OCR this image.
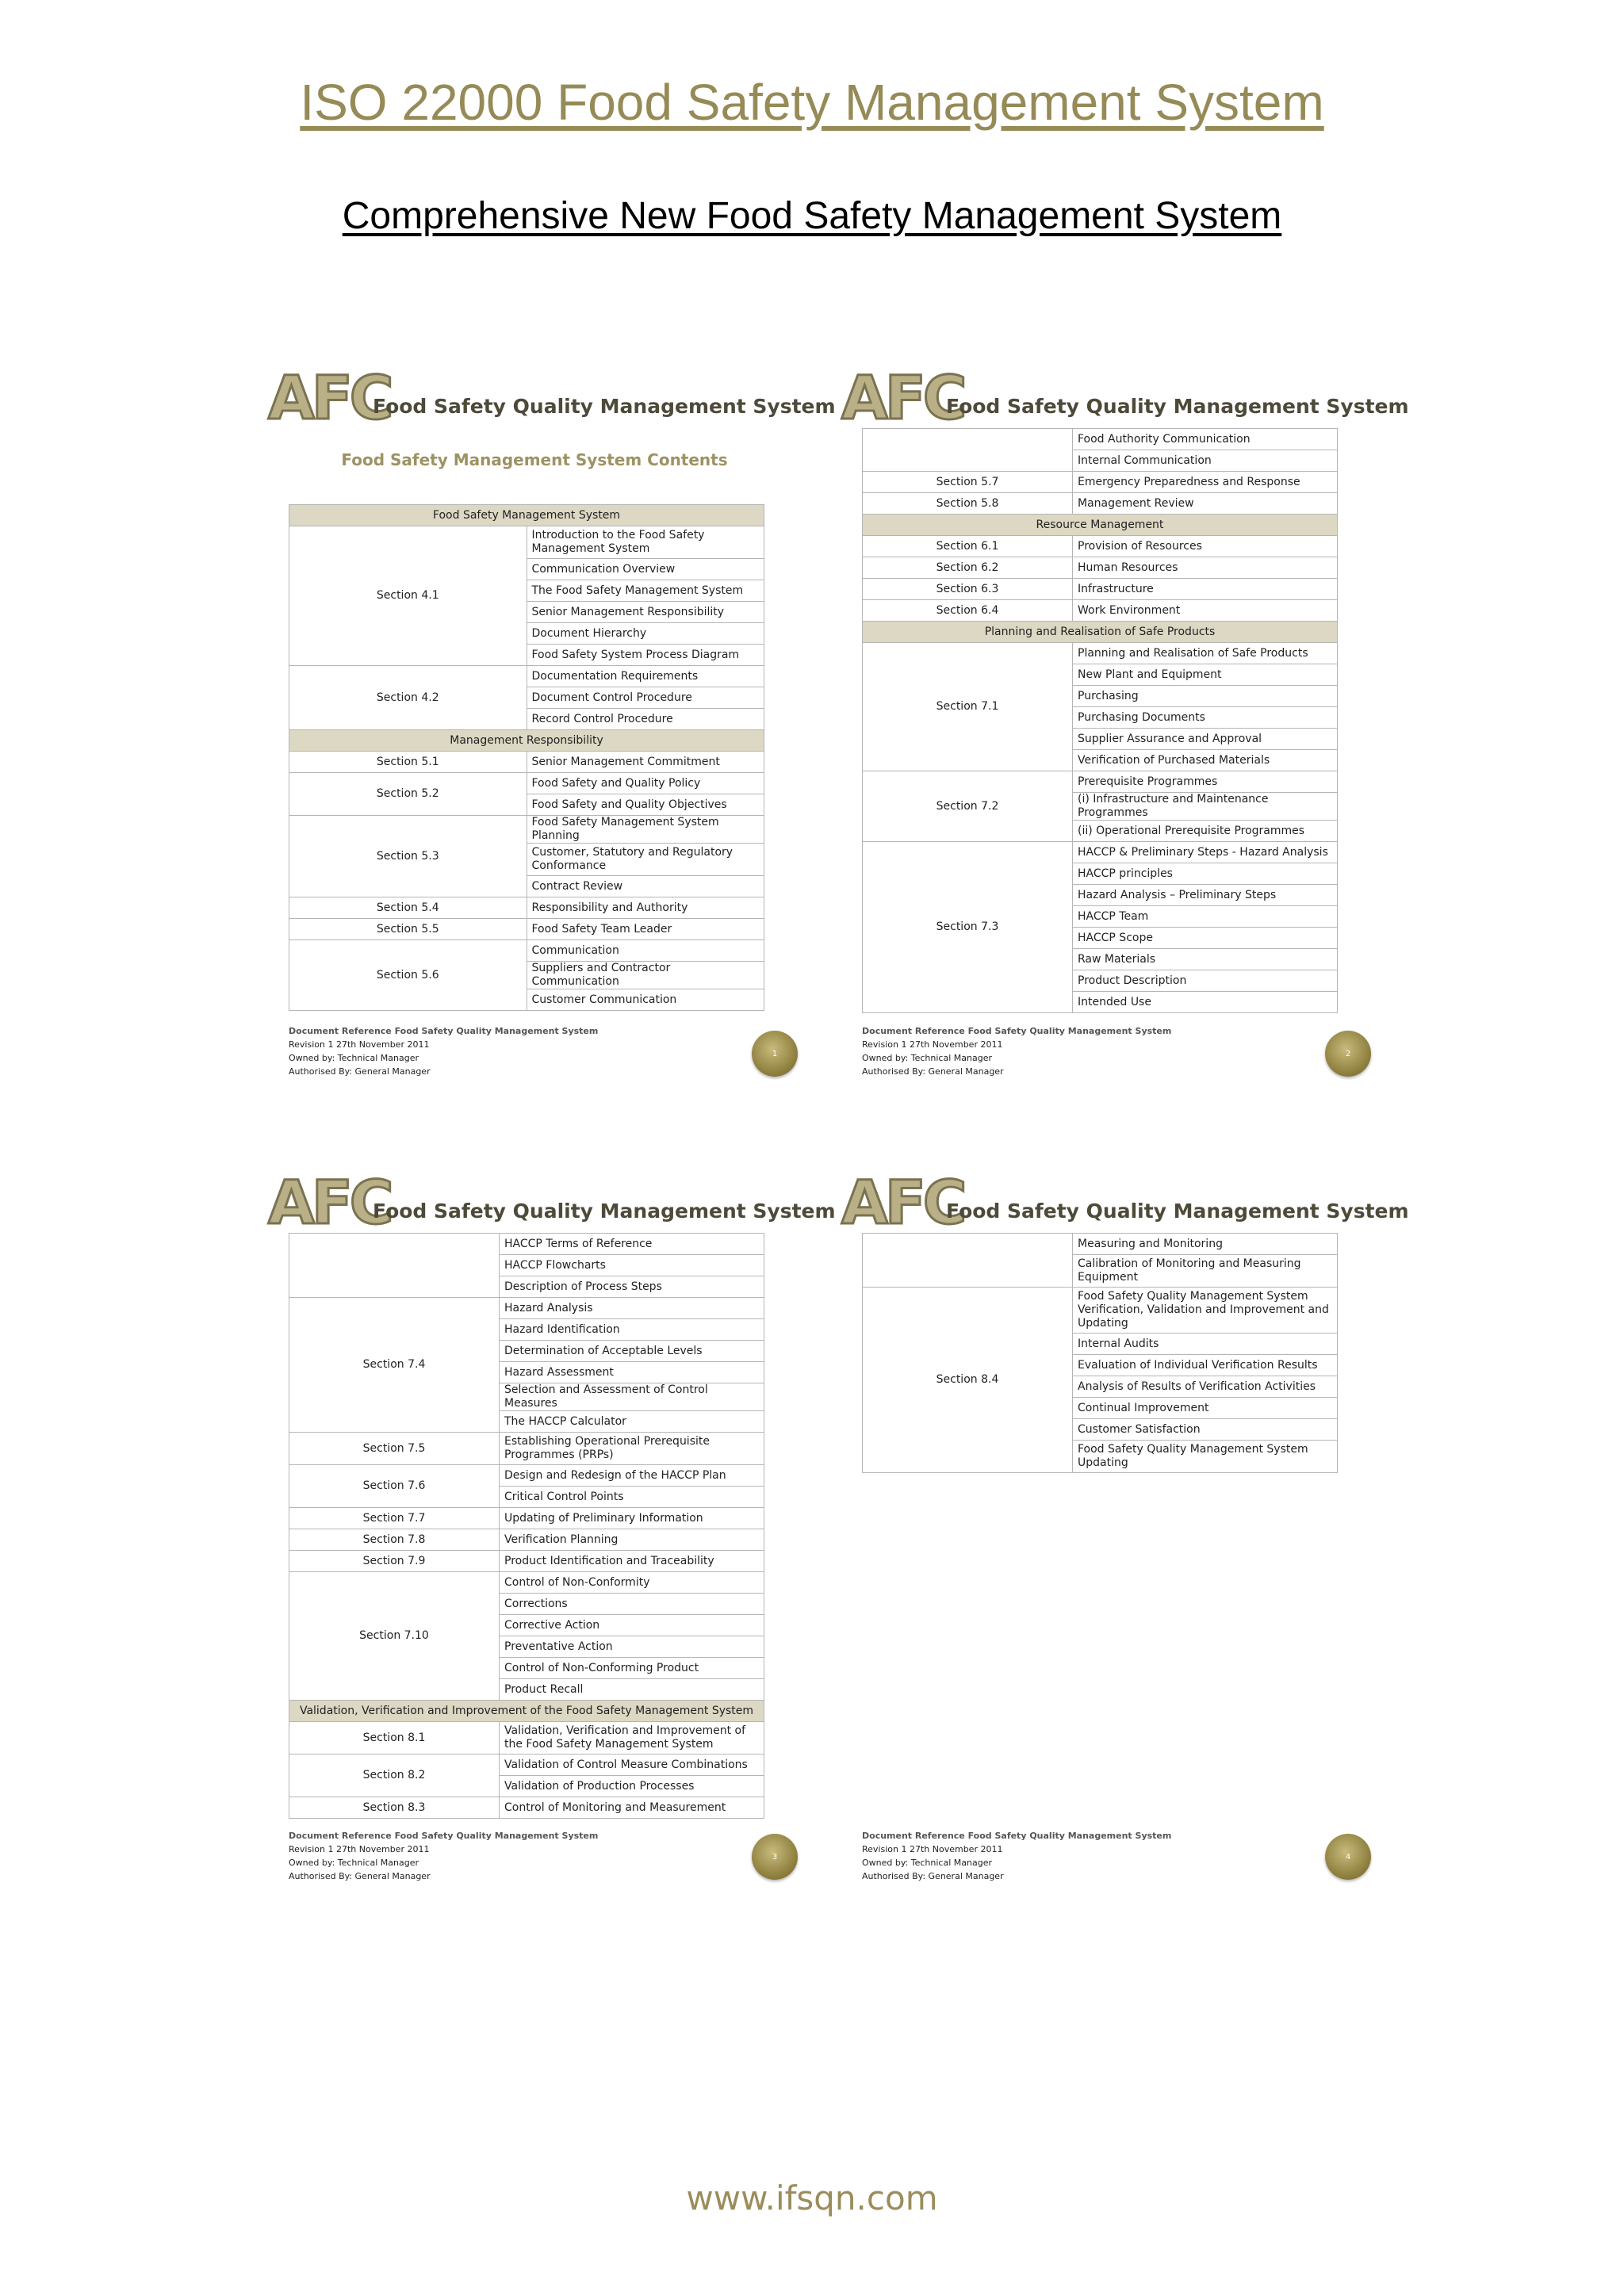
ISO 22000 Food Safety Management System
Comprehensive New Food Safety Management System
AFC
Food Safety Quality Management System
Food Safety Management System Contents
Food Safety Management System	
Section 4.1	Introduction to the Food Safety Management System
	Communication Overview
	The Food Safety Management System
	Senior Management Responsibility
	Document Hierarchy
	Food Safety System Process Diagram
Section 4.2	Documentation Requirements
	Document Control Procedure
	Record Control Procedure
Management Responsibility	
Section 5.1	Senior Management Commitment
Section 5.2	Food Safety and Quality Policy
	Food Safety and Quality Objectives
Section 5.3	Food Safety Management System Planning
	Customer, Statutory and Regulatory Conformance
	Contract Review
Section 5.4	Responsibility and Authority
Section 5.5	Food Safety Team Leader
Section 5.6	Communication
	Suppliers and Contractor Communication
	Customer Communication
Document Reference Food Safety Quality Management System
Revision 1 27th November 2011
Owned by: Technical Manager
Authorised By: General Manager
1
AFC
Food Safety Quality Management System
	Food Authority Communication
	Internal Communication
Section 5.7	Emergency Preparedness and Response
Section 5.8	Management Review
Resource Management	
Section 6.1	Provision of Resources
Section 6.2	Human Resources
Section 6.3	Infrastructure
Section 6.4	Work Environment
Planning and Realisation of Safe Products	
Section 7.1	Planning and Realisation of Safe Products
	New Plant and Equipment
	Purchasing
	Purchasing Documents
	Supplier Assurance and Approval
	Verification of Purchased Materials
Section 7.2	Prerequisite Programmes
	(i) Infrastructure and Maintenance Programmes
	(ii) Operational Prerequisite Programmes
Section 7.3	HACCP & Preliminary Steps - Hazard Analysis
	HACCP principles
	Hazard Analysis – Preliminary Steps
	HACCP Team
	HACCP Scope
	Raw Materials
	Product Description
	Intended Use
Document Reference Food Safety Quality Management System
Revision 1 27th November 2011
Owned by: Technical Manager
Authorised By: General Manager
2
AFC
Food Safety Quality Management System
	HACCP Terms of Reference
	HACCP Flowcharts
	Description of Process Steps
Section 7.4	Hazard Analysis
	Hazard Identification
	Determination of Acceptable Levels
	Hazard Assessment
	Selection and Assessment of Control Measures
	The HACCP Calculator
Section 7.5	Establishing Operational Prerequisite Programmes (PRPs)
Section 7.6	Design and Redesign of the HACCP Plan
	Critical Control Points
Section 7.7	Updating of Preliminary Information
Section 7.8	Verification Planning
Section 7.9	Product Identification and Traceability
Section 7.10	Control of Non-Conformity
	Corrections
	Corrective Action
	Preventative Action
	Control of Non-Conforming Product
	Product Recall
Validation, Verification and Improvement of the Food Safety Management System	
Section 8.1	Validation, Verification and Improvement of the Food Safety Management System
Section 8.2	Validation of Control Measure Combinations
	Validation of Production Processes
Section 8.3	Control of Monitoring and Measurement
Document Reference Food Safety Quality Management System
Revision 1 27th November 2011
Owned by: Technical Manager
Authorised By: General Manager
3
AFC
Food Safety Quality Management System
	Measuring and Monitoring
	Calibration of Monitoring and Measuring Equipment
Section 8.4	Food Safety Quality Management System Verification, Validation and Improvement and Updating
	Internal Audits
	Evaluation of Individual Verification Results
	Analysis of Results of Verification Activities
	Continual Improvement
	Customer Satisfaction
	Food Safety Quality Management System Updating
Document Reference Food Safety Quality Management System
Revision 1 27th November 2011
Owned by: Technical Manager
Authorised By: General Manager
4
www.ifsqn.com
